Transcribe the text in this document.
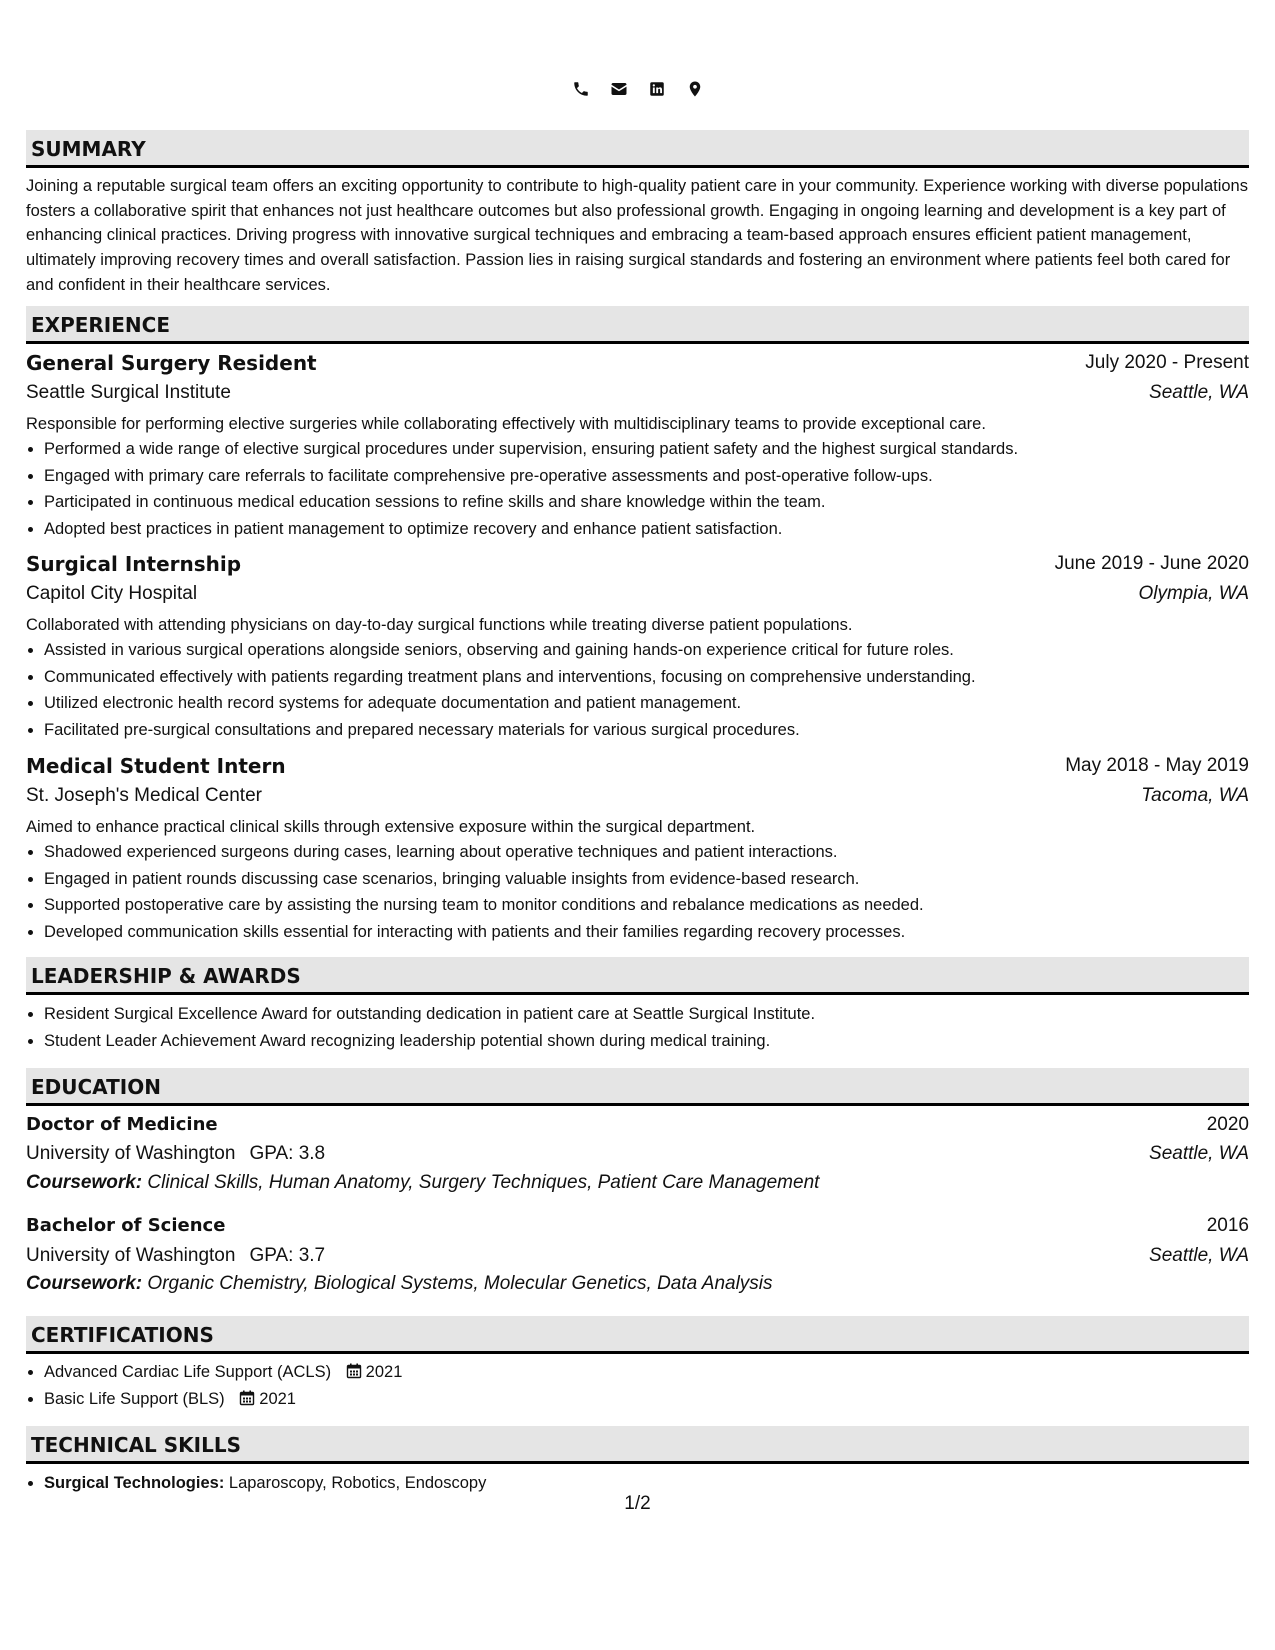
SUMMARY

Joining a reputable surgical team offers an exciting opportunity to contribute to high-quality patient care in your community. Experience working with diverse populations fosters a collaborative spirit that enhances not just healthcare outcomes but also professional growth. Engaging in ongoing learning and development is a key part of enhancing clinical practices. Driving progress with innovative surgical techniques and embracing a team-based approach ensures efficient patient management, ultimately improving recovery times and overall satisfaction. Passion lies in raising surgical standards and fostering an environment where patients feel both cared for and confident in their healthcare services.

EXPERIENCE
General Surgery Resident	July 2020 - Present
Seattle Surgical Institute	Seattle, WA
Responsible for performing elective surgeries while collaborating effectively with multidisciplinary teams to provide exceptional care.
• Performed a wide range of elective surgical procedures under supervision, ensuring patient safety and the highest surgical standards.
• Engaged with primary care referrals to facilitate comprehensive pre-operative assessments and post-operative follow-ups.
• Participated in continuous medical education sessions to refine skills and share knowledge within the team.
• Adopted best practices in patient management to optimize recovery and enhance patient satisfaction.
Surgical Internship	June 2019 - June 2020
Capitol City Hospital	Olympia, WA
Collaborated with attending physicians on day-to-day surgical functions while treating diverse patient populations.
• Assisted in various surgical operations alongside seniors, observing and gaining hands-on experience critical for future roles.
• Communicated effectively with patients regarding treatment plans and interventions, focusing on comprehensive understanding.
• Utilized electronic health record systems for adequate documentation and patient management.
• Facilitated pre-surgical consultations and prepared necessary materials for various surgical procedures.
Medical Student Intern	May 2018 - May 2019
St. Joseph's Medical Center	Tacoma, WA
Aimed to enhance practical clinical skills through extensive exposure within the surgical department.
• Shadowed experienced surgeons during cases, learning about operative techniques and patient interactions.
• Engaged in patient rounds discussing case scenarios, bringing valuable insights from evidence-based research.
• Supported postoperative care by assisting the nursing team to monitor conditions and rebalance medications as needed.
• Developed communication skills essential for interacting with patients and their families regarding recovery processes.
LEADERSHIP & AWARDS
• Resident Surgical Excellence Award for outstanding dedication in patient care at Seattle Surgical Institute.
• Student Leader Achievement Award recognizing leadership potential shown during medical training.
EDUCATION
Doctor of Medicine	2020
University of Washington GPA: 3.8	Seattle, WA
Coursework: Clinical Skills, Human Anatomy, Surgery Techniques, Patient Care Management
Bachelor of Science	2016
University of Washington GPA: 3.7	Seattle, WA
Coursework: Organic Chemistry, Biological Systems, Molecular Genetics, Data Analysis
CERTIFICATIONS
• Advanced Cardiac Life Support (ACLS) 2021
• Basic Life Support (BLS) 2021
TECHNICAL SKILLS
• Surgical Technologies: Laparoscopy, Robotics, Endoscopy
1/2
